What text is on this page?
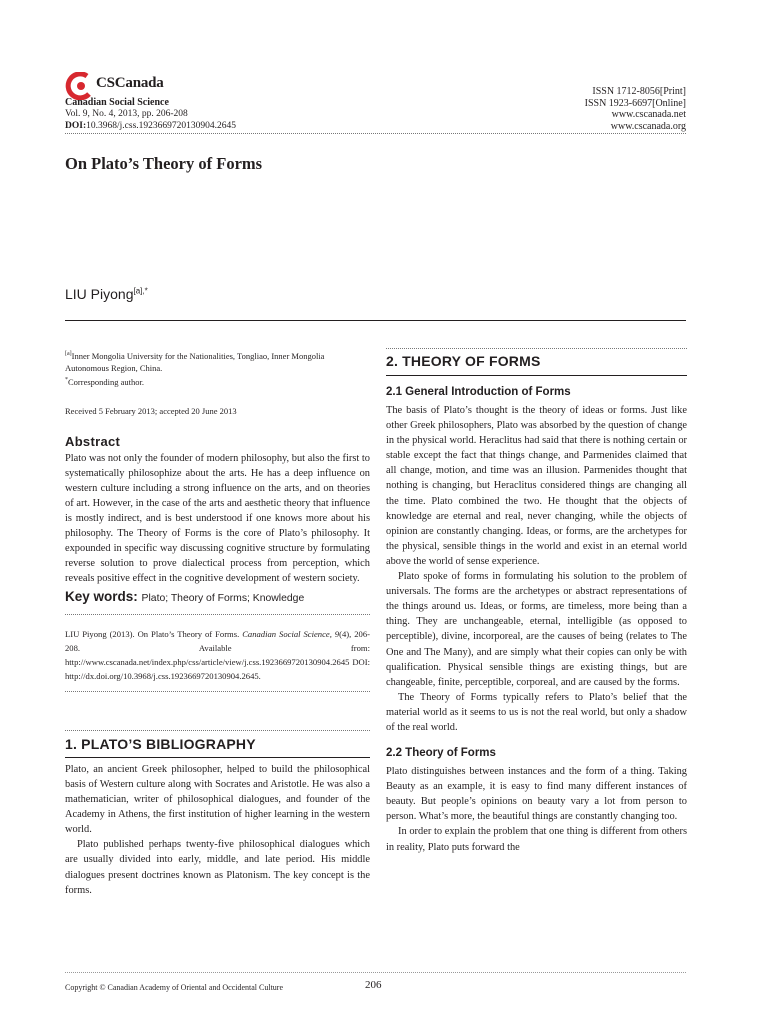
CSCanada
Canadian Social Science
Vol. 9, No. 4, 2013, pp. 206-208
DOI:10.3968/j.css.1923669720130904.2645
ISSN 1712-8056[Print]
ISSN 1923-6697[Online]
www.cscanada.net
www.cscanada.org
On Plato’s Theory of Forms
LIU Piyong$^{[a],*}$

[a]Inner Mongolia University for the Nationalities, Tongliao, Inner Mongolia Autonomous Region, China.

*Corresponding author.

Received 5 February 2013; accepted 20 June 2013

Abstract

Plato was not only the founder of modern philosophy, but also the first to systematically philosophize about the arts. He has a deep influence on western culture including a strong influence on the arts, and on theories of art. However, in the case of the arts and aesthetic theory that influence is mostly indirect, and is best understood if one knows more about his philosophy. The Theory of Forms is the core of Plato’s philosophy. It expounded in specific way discussing cognitive structure by formulating reverse solution to prove dialectical process from perception, which reveals positive effect in the cognitive development of western society.

Key words: Plato; Theory of Forms; Knowledge

LIU Piyong (2013). On Plato’s Theory of Forms. Canadian Social Science, 9(4), 206-208. Available from: http://www.cscanada.net/index.php/css/article/view/j.css.1923669720130904.2645 DOI: http://dx.doi.org/10.3968/j.css.1923669720130904.2645.

1. PLATO’S BIBLIOGRAPHY

Plato, an ancient Greek philosopher, helped to build the philosophical basis of Western culture along with Socrates and Aristotle. He was also a mathematician, writer of philosophical dialogues, and founder of the Academy in Athens, the first institution of higher learning in the western world.

Plato published perhaps twenty-five philosophical dialogues which are usually divided into early, middle, and late period. His middle dialogues present doctrines known as Platonism. The key concept is the forms.

2. THEORY OF FORMS
2.1 General Introduction of Forms

The basis of Plato’s thought is the theory of ideas or forms. Just like other Greek philosophers, Plato was absorbed by the question of change in the physical world. Heraclitus had said that there is nothing certain or stable except the fact that things change, and Parmenides claimed that all change, motion, and time was an illusion. Parmenides thought that nothing is changing, but Heraclitus considered things are changing all the time. Plato combined the two. He thought that the objects of knowledge are eternal and real, never changing, while the objects of opinion are constantly changing. Ideas, or forms, are the archetypes for the physical, sensible things in the world and exist in an eternal world above the world of sense experience.

Plato spoke of forms in formulating his solution to the problem of universals. The forms are the archetypes or abstract representations of the things around us. Ideas, or forms, are timeless, more being than a thing. They are unchangeable, eternal, intelligible (as opposed to perceptible), divine, incorporeal, are the causes of being (relates to The One and The Many), and are simply what their copies can only be with qualification. Physical sensible things are existing things, but are changeable, finite, perceptible, corporeal, and are caused by the forms.

The Theory of Forms typically refers to Plato’s belief that the material world as it seems to us is not the real world, but only a shadow of the real world.

2.2 Theory of Forms

Plato distinguishes between instances and the form of a thing. Taking Beauty as an example, it is easy to find many different instances of beauty. But people’s opinions on beauty vary a lot from person to person. What’s more, the beautiful things are constantly changing too.

In order to explain the problem that one thing is different from others in reality, Plato puts forward the

Copyright © Canadian Academy of Oriental and Occidental Culture	206
